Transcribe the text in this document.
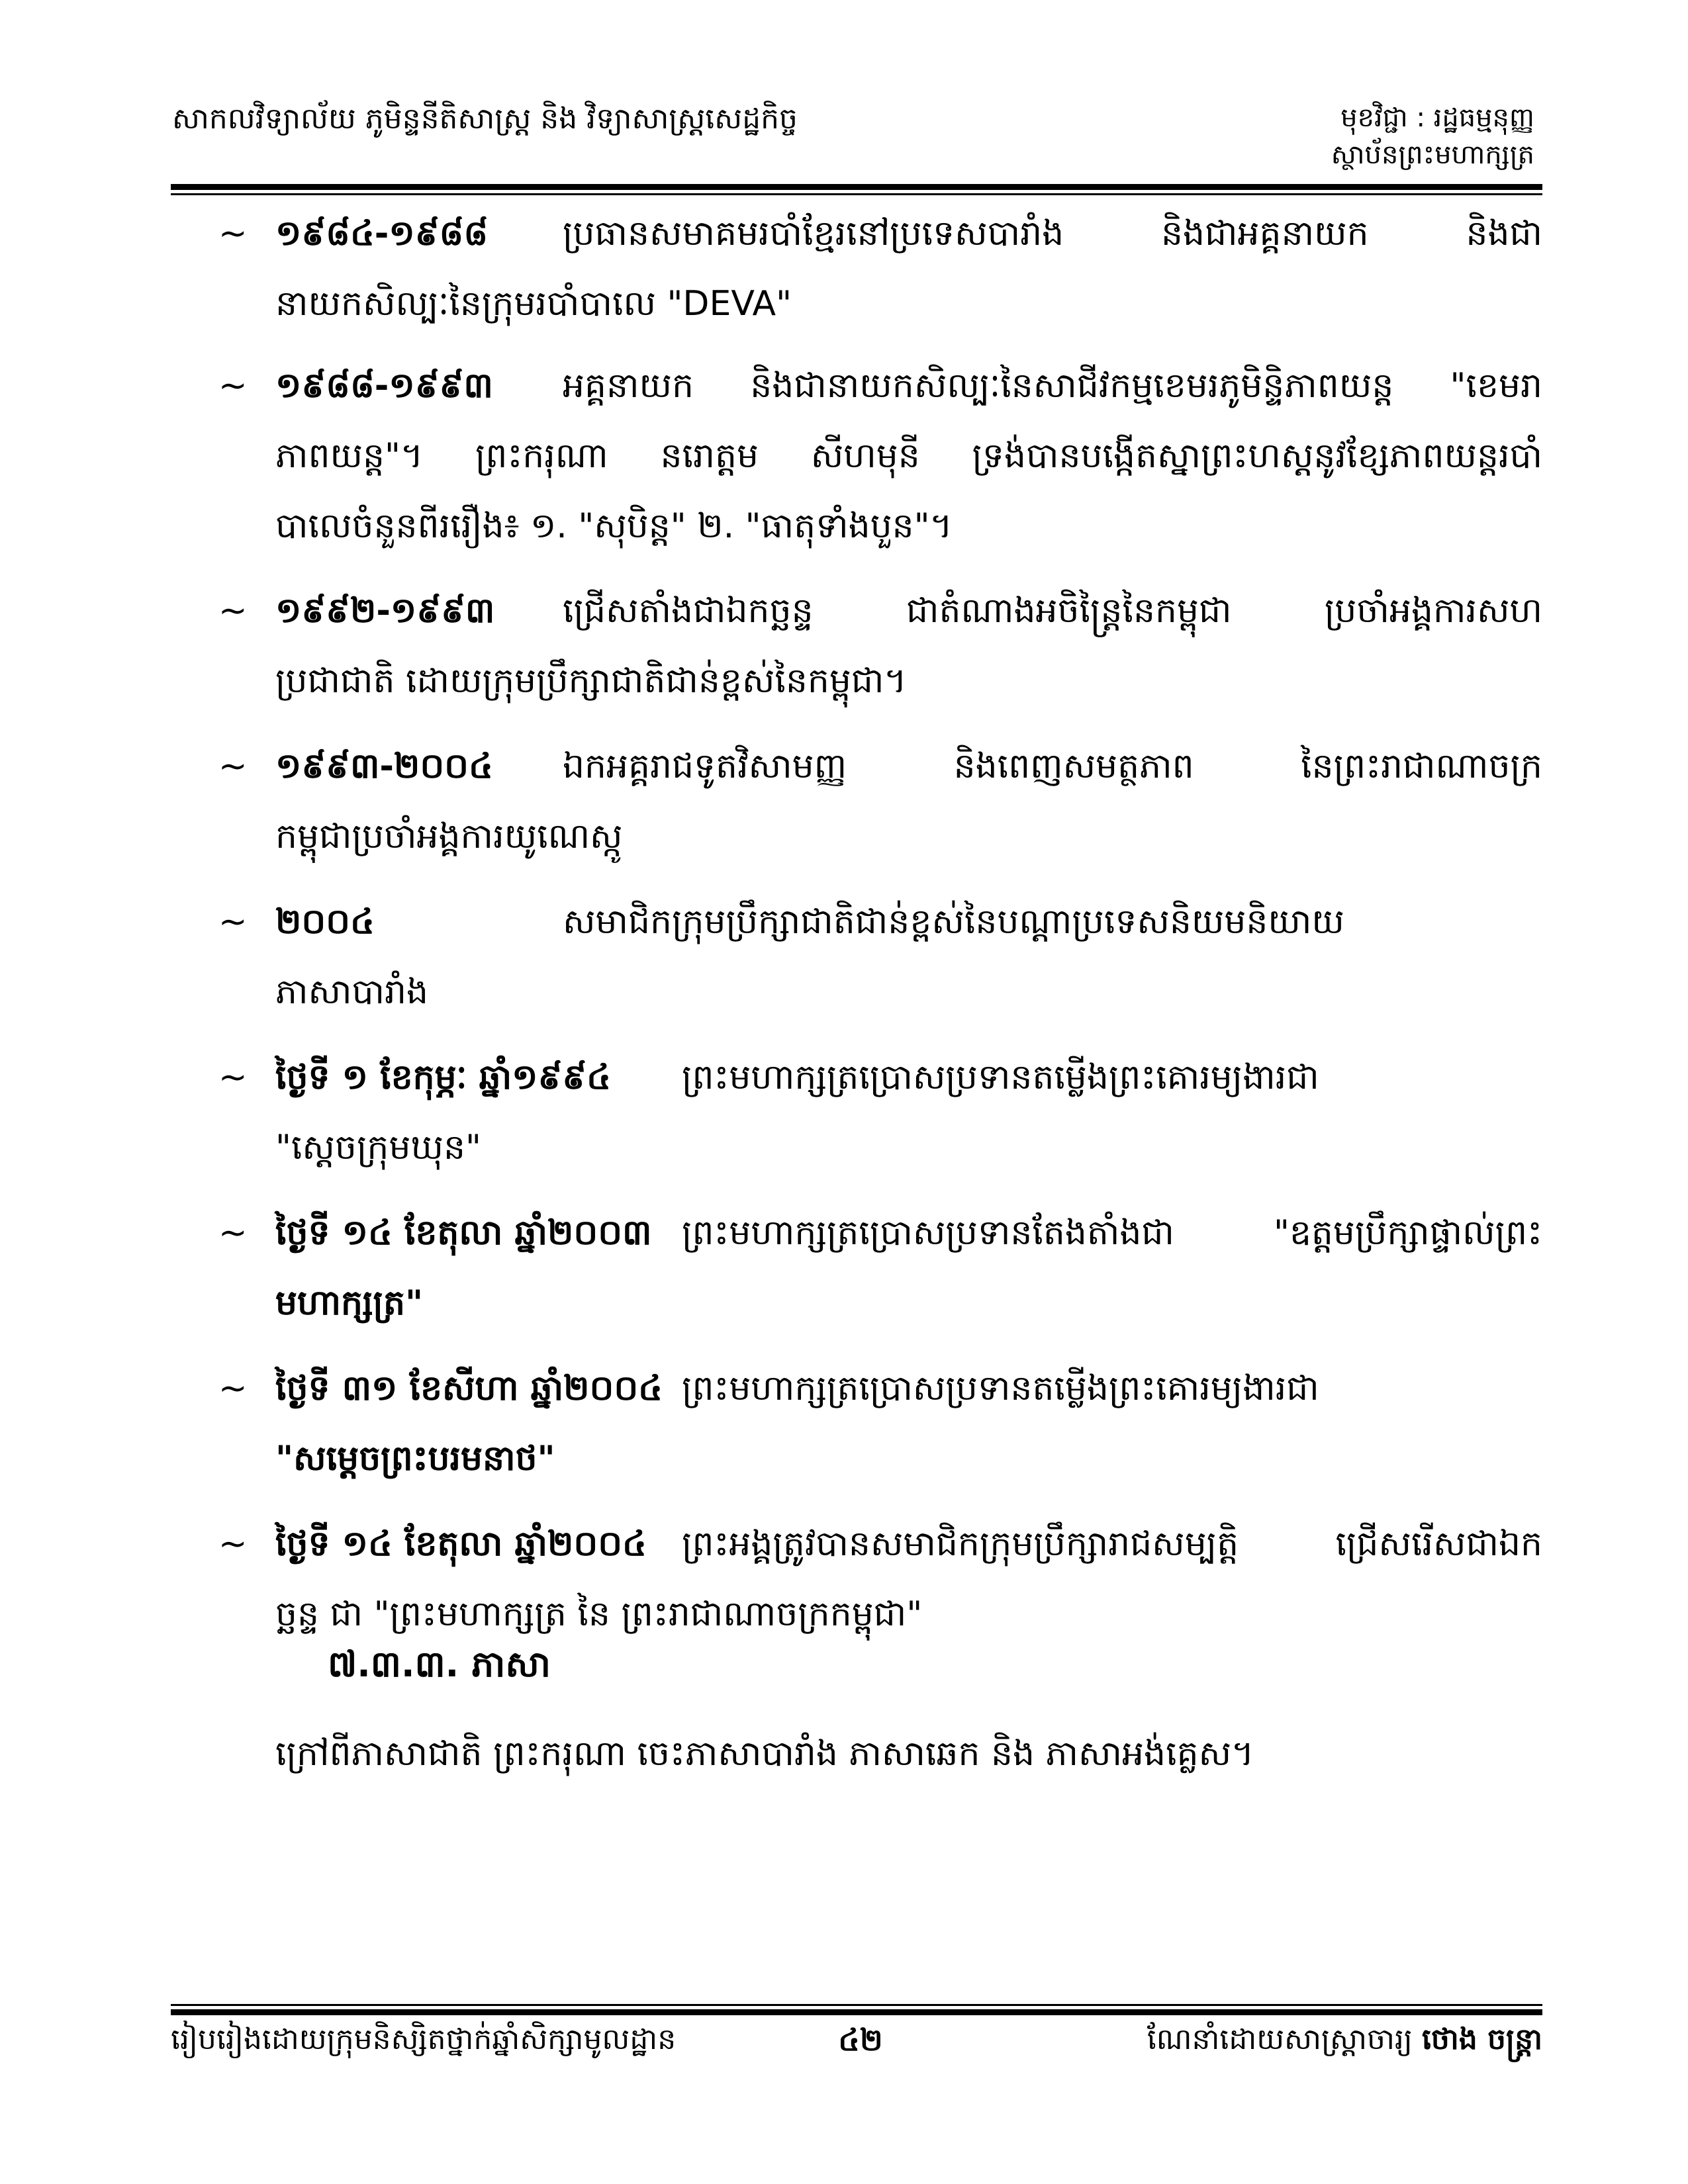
សាកលវិទ្យាល័យ ភូមិន្ទនីតិសាស្ត្រ និង វិទ្យាសាស្ត្រសេដ្ឋកិច្ច	មុខវិជ្ជា : រដ្ឋធម្មនុញ្ញ
ស្ថាប័នព្រះមហាក្សត្រ
~ ១៩៨៤-១៩៨៨ ប្រធានសមាគមរបាំខ្មែរនៅប្រទេសបារាំង និងជាអគ្គនាយក និងជា
នាយកសិល្បៈនៃក្រុមរបាំបាលេ "DEVA"
~ ១៩៨៨-១៩៩៣ អគ្គនាយក និងជានាយកសិល្បៈនៃសាជីវកម្មខេមរភូមិន្ទិភាពយន្ត "ខេមរា
ភាពយន្ត"។ ព្រះករុណា នរោត្តម សីហមុនី ទ្រង់បានបង្កើតស្នាព្រះហស្តនូវខ្សែភាពយន្តរបាំ
បាលេចំនួនពីររឿង៖ ១. "សុបិន្ត" ២. "ធាតុទាំងបួន"។
~ ១៩៩២-១៩៩៣ ជ្រើសតាំងជាឯកច្ឆន្ទ ជាតំណាងអចិន្ត្រៃនៃកម្ពុជា ប្រចាំអង្គការសហ
ប្រជាជាតិ ដោយក្រុមប្រឹក្សាជាតិជាន់ខ្ពស់នៃកម្ពុជា។
~ ១៩៩៣-២០០៤ ឯកអគ្គរាជទូតវិសាមញ្ញ និងពេញសមត្ថភាព នៃព្រះរាជាណាចក្រ
កម្ពុជាប្រចាំអង្គការយូណេស្កូ
~ ២០០៤	សមាជិកក្រុមប្រឹក្សាជាតិជាន់ខ្ពស់នៃបណ្តាប្រទេសនិយមនិយាយ
ភាសាបារាំង
~ ថ្ងៃទី ១ ខែកុម្ភៈ ឆ្នាំ១៩៩៤ ព្រះមហាក្សត្រប្រោសប្រទានតម្លើងព្រះគោរម្យងារជា
"ស្តេចក្រុមឃុន"
~ ថ្ងៃទី ១៤ ខែតុលា ឆ្នាំ២០០៣ ព្រះមហាក្សត្រប្រោសប្រទានតែងតាំងជា "ឧត្តមប្រឹក្សាផ្ទាល់ព្រះ
មហាក្សត្រ"
~ ថ្ងៃទី ៣១ ខែសីហា ឆ្នាំ២០០៤ ព្រះមហាក្សត្រប្រោសប្រទានតម្លើងព្រះគោរម្យងារជា
"សម្តេចព្រះបរមនាថ"
~ ថ្ងៃទី ១៤ ខែតុលា ឆ្នាំ២០០៤ ព្រះអង្គត្រូវបានសមាជិកក្រុមប្រឹក្សារាជសម្បត្តិ ជ្រើសរើសជាឯក
ច្ឆន្ទ ជា "ព្រះមហាក្សត្រ នៃ ព្រះរាជាណាចក្រកម្ពុជា"
៧.៣.៣. ភាសា
ក្រៅពីភាសាជាតិ ព្រះករុណា ចេះភាសាបារាំង ភាសាឆេក និង ភាសាអង់គ្លេស។
រៀបរៀងដោយក្រុមនិស្សិតថ្នាក់ឆ្នាំសិក្សាមូលដ្ឋាន	៤២	ណែនាំដោយសាស្ត្រាចារ្យ ថោង ចន្ត្រា
